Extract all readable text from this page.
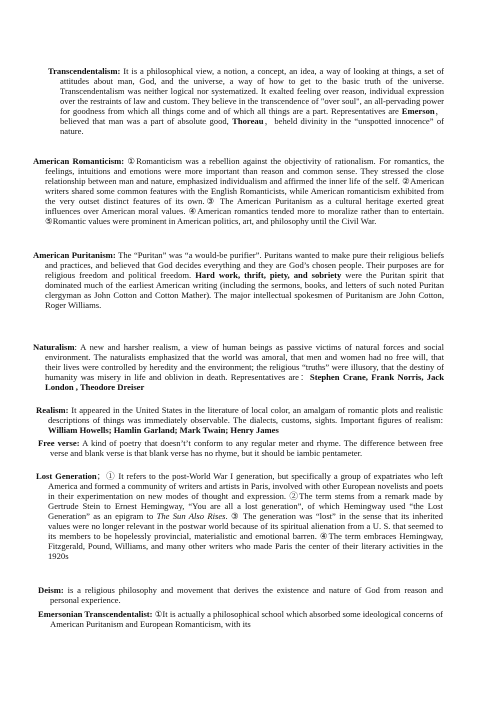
Transcendentalism: It is a philosophical view, a notion, a concept, an idea, a way of looking at things, a set of attitudes about man, God, and the universe, a way of how to get to the basic truth of the universe. Transcendentalism was neither logical nor systematized. It exalted feeling over reason, individual expression over the restraints of law and custom. They believe in the transcendence of "over soul", an all-pervading power for goodness from which all things come and of which all things are a part. Representatives are Emerson，believed that man was a part of absolute good, Thoreau，beheld divinity in the “unspotted innocence” of nature.

American Romanticism: ①Romanticism was a rebellion against the objectivity of rationalism. For romantics, the feelings, intuitions and emotions were more important than reason and common sense. They stressed the close relationship between man and nature, emphasized individualism and affirmed the inner life of the self. ②American writers shared some common features with the English Romanticists, while American romanticism exhibited from the very outset distinct features of its own.③ The American Puritanism as a cultural heritage exerted great influences over American moral values. ④American romantics tended more to moralize rather than to entertain. ⑤Romantic values were prominent in American politics, art, and philosophy until the Civil War.

American Puritanism: The “Puritan” was “a would-be purifier”. Puritans wanted to make pure their religious beliefs and practices, and believed that God decides everything and they are God’s chosen people. Their purposes are for religious freedom and political freedom. Hard work, thrift, piety, and sobriety were the Puritan spirit that dominated much of the earliest American writing (including the sermons, books, and letters of such noted Puritan clergyman as John Cotton and Cotton Mather). The major intellectual spokesmen of Puritanism are John Cotton, Roger Williams.

Naturalism: A new and harsher realism, a view of human beings as passive victims of natural forces and social environment. The naturalists emphasized that the world was amoral, that men and women had no free will, that their lives were controlled by heredity and the environment; the religious “truths” were illusory, that the destiny of humanity was misery in life and oblivion in death. Representatives are：Stephen Crane, Frank Norris, Jack London , Theodore Dreiser

Realism: It appeared in the United States in the literature of local color, an amalgam of romantic plots and realistic descriptions of things was immediately observable. The dialects, customs, sights. Important figures of realism: William Howells; Hamlin Garland; Mark Twain; Henry James

Free verse: A kind of poetry that doesn’t’t conform to any regular meter and rhyme. The difference between free verse and blank verse is that blank verse has no rhyme, but it should be iambic pentameter.

Lost Generation；① It refers to the post-World War I generation, but specifically a group of expatriates who left America and formed a community of writers and artists in Paris, involved with other European novelists and poets in their experimentation on new modes of thought and expression. ②The term stems from a remark made by Gertrude Stein to Ernest Hemingway, “You are all a lost generation”, of which Hemingway used “the Lost Generation” as an epigram to The Sun Also Rises. ③ The generation was “lost” in the sense that its inherited values were no longer relevant in the postwar world because of its spiritual alienation from a U. S. that seemed to its members to be hopelessly provincial, materialistic and emotional barren. ④The term embraces Hemingway, Fitzgerald, Pound, Williams, and many other writers who made Paris the center of their literary activities in the 1920s

Deism: is a religious philosophy and movement that derives the existence and nature of God from reason and personal experience.

Emersonian Transcendentalist: ①It is actually a philosophical school which absorbed some ideological concerns of American Puritanism and European Romanticism, with its
